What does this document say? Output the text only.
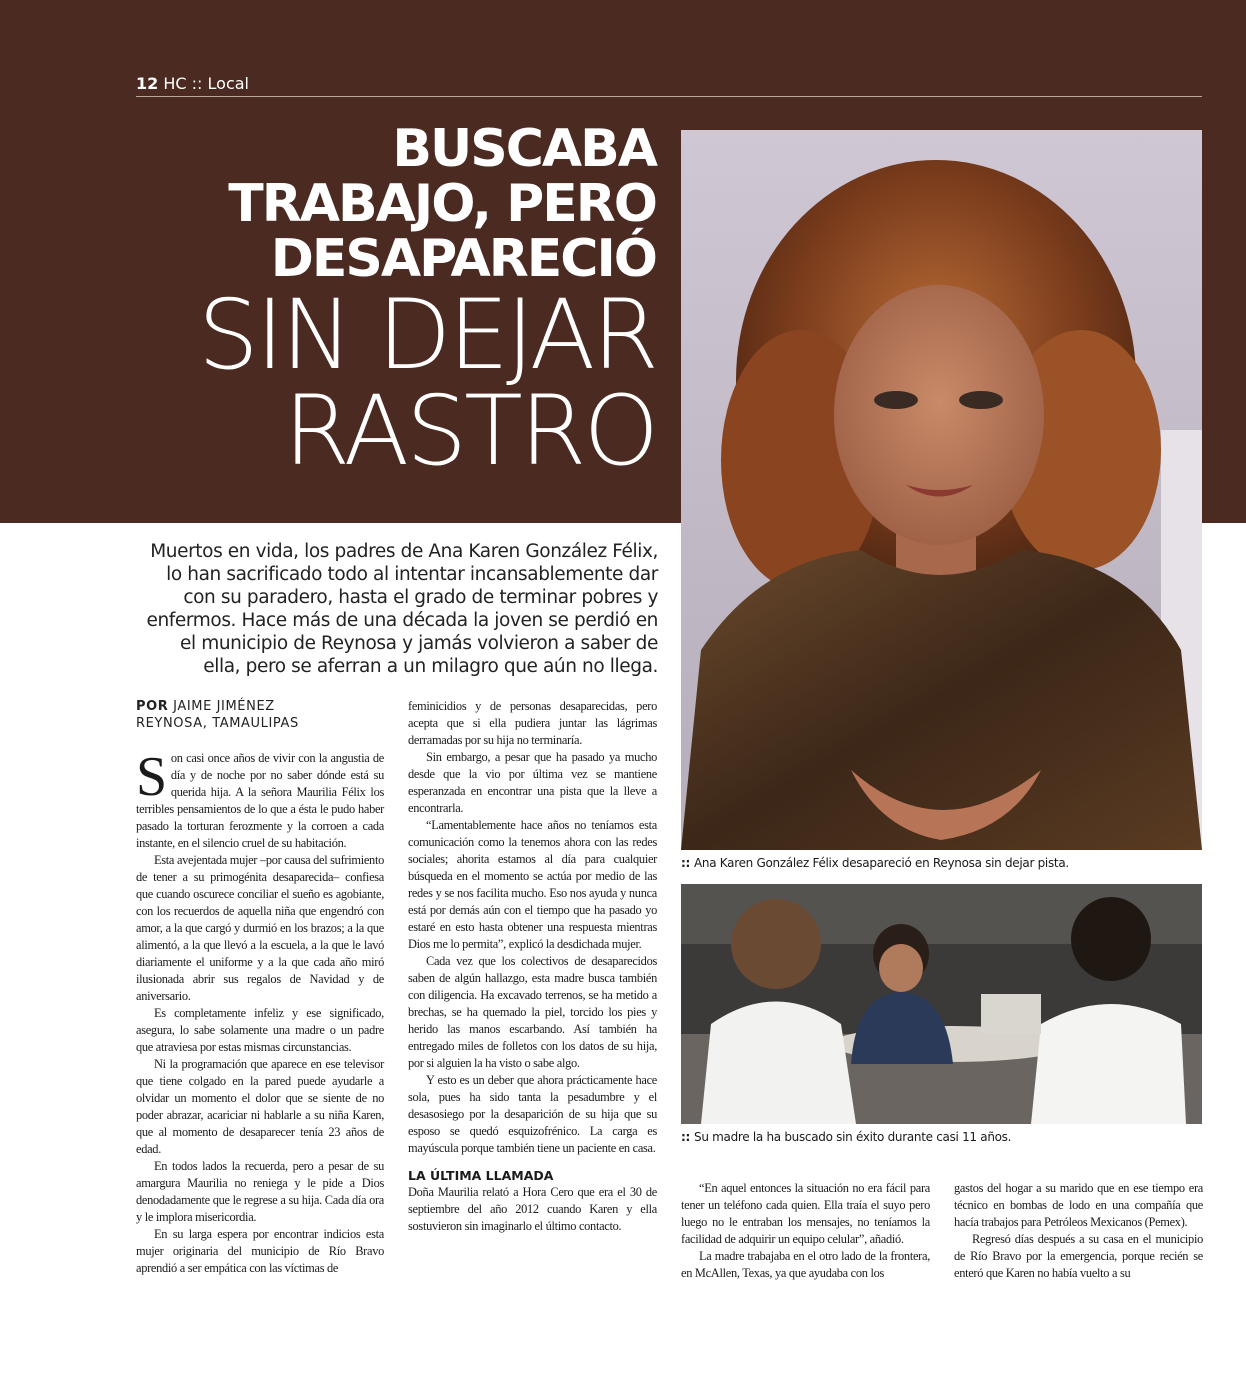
12 HC :: Local
BUSCABA
TRABAJO, PERO
DESAPARECIÓ
SIN DEJAR
RASTRO
:: Ana Karen González Félix desapareció en Reynosa sin dejar pista.
:: Su madre la ha buscado sin éxito durante casi 11 años.
Muertos en vida, los padres de Ana Karen González Félix, lo han sacrificado todo al intentar incansablemente dar con su paradero, hasta el grado de terminar pobres y enfermos. Hace más de una década la joven se perdió en el municipio de Reynosa y jamás volvieron a saber de ella, pero se aferran a un milagro que aún no llega.
POR JAIME JIMÉNEZ
REYNOSA, TAMAULIPAS

Son casi once años de vivir con la angustia de día y de noche por no saber dónde está su querida hija. A la señora Maurilia Félix los terribles pensamientos de lo que a ésta le pudo haber pasado la torturan ferozmente y la corroen a cada instante, en el silencio cruel de su habitación.

Esta avejentada mujer –por causa del sufrimiento de tener a su primogénita desaparecida– confiesa que cuando oscurece conciliar el sueño es agobiante, con los recuerdos de aquella niña que engendró con amor, a la que cargó y durmió en los brazos; a la que alimentó, a la que llevó a la escuela, a la que le lavó diariamente el uniforme y a la que cada año miró ilusionada abrir sus regalos de Navidad y de aniversario.

Es completamente infeliz y ese significado, asegura, lo sabe solamente una madre o un padre que atraviesa por estas mismas circunstancias.

Ni la programación que aparece en ese televisor que tiene colgado en la pared puede ayudarle a olvidar un momento el dolor que se siente de no poder abrazar, acariciar ni hablarle a su niña Karen, que al momento de desaparecer tenía 23 años de edad.

En todos lados la recuerda, pero a pesar de su amargura Maurilia no reniega y le pide a Dios denodadamente que le regrese a su hija. Cada día ora y le implora misericordia.

En su larga espera por encontrar indicios esta mujer originaria del municipio de Río Bravo aprendió a ser empática con las víctimas de

feminicidios y de personas desaparecidas, pero acepta que si ella pudiera juntar las lágrimas derramadas por su hija no terminaría.

Sin embargo, a pesar que ha pasado ya mucho desde que la vio por última vez se mantiene esperanzada en encontrar una pista que la lleve a encontrarla.

“Lamentablemente hace años no teníamos esta comunicación como la tenemos ahora con las redes sociales; ahorita estamos al día para cualquier búsqueda en el momento se actúa por medio de las redes y se nos facilita mucho. Eso nos ayuda y nunca está por demás aún con el tiempo que ha pasado yo estaré en esto hasta obtener una respuesta mientras Dios me lo permita”, explicó la desdichada mujer.

Cada vez que los colectivos de desaparecidos saben de algún hallazgo, esta madre busca también con diligencia. Ha excavado terrenos, se ha metido a brechas, se ha quemado la piel, torcido los pies y herido las manos escarbando. Así también ha entregado miles de folletos con los datos de su hija, por si alguien la ha visto o sabe algo.

Y esto es un deber que ahora prácticamente hace sola, pues ha sido tanta la pesadumbre y el desasosiego por la desaparición de su hija que su esposo se quedó esquizofrénico. La carga es mayúscula porque también tiene un paciente en casa.

LA ÚLTIMA LLAMADA

Doña Maurilia relató a Hora Cero que era el 30 de septiembre del año 2012 cuando Karen y ella sostuvieron sin imaginarlo el último contacto.

“En aquel entonces la situación no era fácil para tener un teléfono cada quien. Ella traía el suyo pero luego no le entraban los mensajes, no teníamos la facilidad de adquirir un equipo celular”, añadió.

La madre trabajaba en el otro lado de la frontera, en McAllen, Texas, ya que ayudaba con los

gastos del hogar a su marido que en ese tiempo era técnico en bombas de lodo en una compañía que hacía trabajos para Petróleos Mexicanos (Pemex).

Regresó días después a su casa en el municipio de Río Bravo por la emergencia, porque recién se enteró que Karen no había vuelto a su
